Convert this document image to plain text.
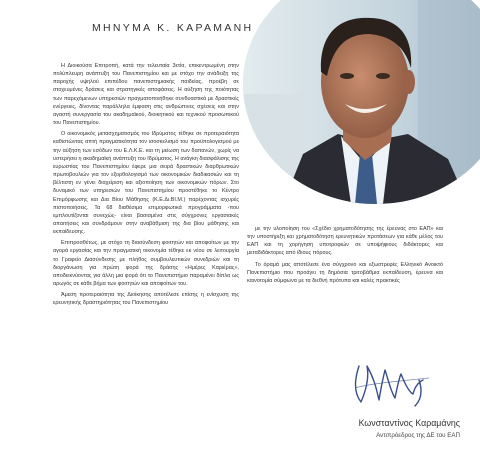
ΜΗΝΥΜΑ Κ. ΚΑΡΑΜΑΝΗ

Η Διοικούσα Επιτροπή, κατά την τελευταία 3ετία, επικεντρωμένη στην πολύπλευρη ανάπτυξη του Πανεπιστημίου και με στόχο την ανάδειξη της παροχής υψηλού επιπέδου πανεπιστημιακής παιδείας, προέβη σε στοχευμένες δράσεις και στρατηγικές αποφάσεις. Η αύξηση της ποιότητας των παρεχόμενων υπηρεσιών πραγματοποιήθηκε συνδυαστικά με δραστικές ενέργειες, δίνοντας παράλληλα έμφαση στις ανθρώπινες σχέσεις και στην αγαστή συνεργασία του ακαδημαϊκού, διοικητικού και τεχνικού προσωπικού του Πανεπιστημίου.

Ο οικονομικός μετασχηματισμός του Ιδρύματος τέθηκε σε προτεραιότητα καθιστώντας απτή πραγματικότητα τον ισοσκελισμό του προϋπολογισμού με την αύξηση των εσόδων του Ε.Λ.Κ.Ε. και τη μείωση των δαπανών, χωρίς να υστερήσει η ακαδημαϊκή ανάπτυξη του Ιδρύματος. Η ανάγκη διασφάλισης της ευρωστίας του Πανεπιστημίου έφερε μια σειρά δραστικών διαρθρωτικών πρωτοβουλιών για τον εξορθολογισμό των οικονομικών διαδικασιών και τη βέλτιστη εν γένει διαχείριση και αξιοποίηση των οικονομικών πόρων. Στο δυναμικό των υπηρεσιών του Πανεπιστημίου προστέθηκε το Κέντρο Επιμόρφωσης και Δια Βίου Μάθησης (Κ.Ε.Δι.ΒΙ.Μ.) παρέχοντας ισχυρές πιστοποιήσεις. Τα 68 διαθέσιμα επιμορφωτικά προγράμματα -που εμπλουτίζονται συνεχώς- είναι βασισμένα στις σύγχρονες εργασιακές απαιτήσεις και συνδράμουν στην αναβάθμιση της δια βίου μάθησης και εκπαίδευσης.

Επιπροσθέτως, με στόχο τη διασύνδεση φοιτητών και αποφοίτων με την αγορά εργασίας και την πραγματική οικονομία τέθηκε εκ νέου σε λειτουργία το Γραφείο Διασύνδεσης με πλήθος συμβουλευτικών συνεδριών και τη διοργάνωση για πρώτη φορά της δράσης «Ημέρες Καριέρας», αποδεικνύοντας για άλλη μια φορά ότι το Πανεπιστήμιο παραμένει δίπλα ως αρωγός σε κάθε βήμα των φοιτητών και αποφοίτων του.

Άμεση προτεραιότητα της Διοίκησης αποτέλεσε επίσης η ενίσχυση της ερευνητικής δραστηριότητας του Πανεπιστημίου

με την υλοποίηση του «Σχέδιο χρηματοδότησης της έρευνας στο ΕΑΠ» και την υποστήριξη και χρηματοδότηση ερευνητικών προτάσεων για κάθε μέλος του ΕΑΠ και τη χορήγηση υποτροφιών σε υποψήφιους διδάκτορες και μεταδιδάκτορες από ίδιους πόρους.

Το όραμά μας αποτέλεσε ένα σύγχρονο και εξωστρεφές Ελληνικό Ανοικτό Πανεπιστήμιο που προάγει τη δημόσια τριτοβάθμια εκπαίδευση, έρευνα και καινοτομία σύμφωνα με τα διεθνή πρότυπα και καλές πρακτικές

Κωνσταντίνος Καραμάνης
Αντιπρόεδρος της ΔΕ του ΕΑΠ
